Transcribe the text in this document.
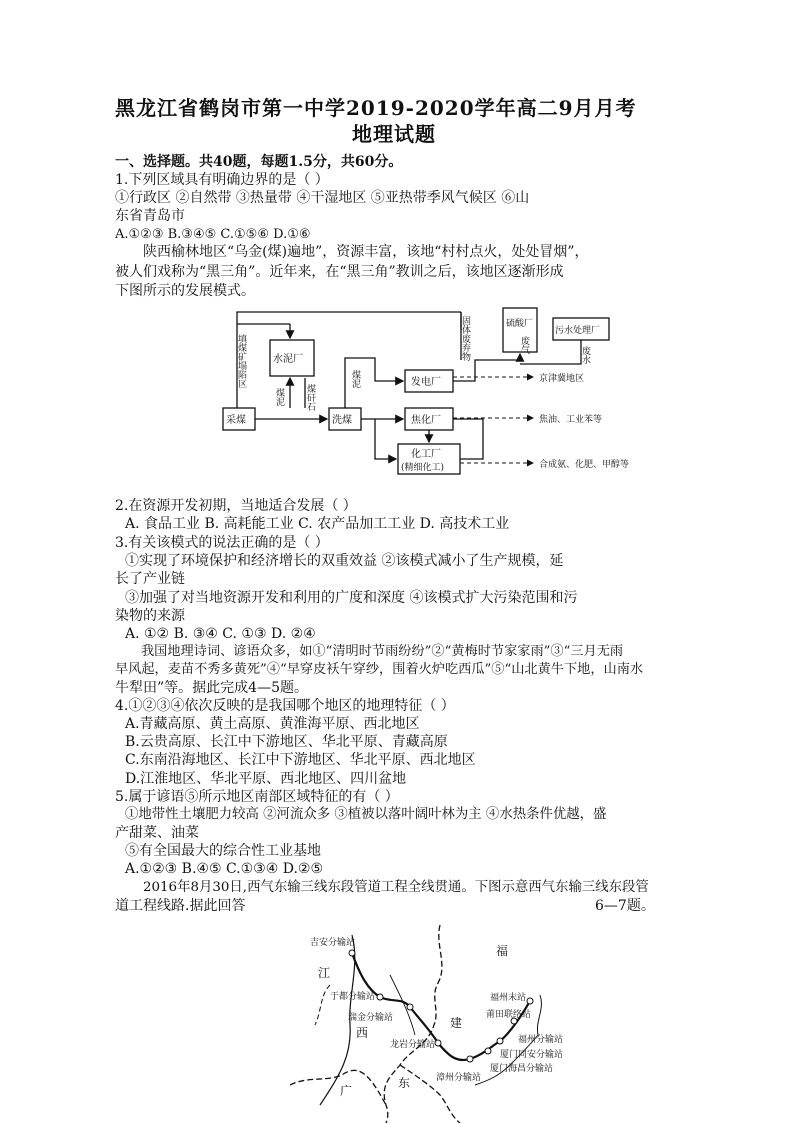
黑龙江省鹤岗市第一中学2019-2020学年高二9月月考
地理试题
一、选择题。共40题，每题1.5分，共60分。
1.下列区域具有明确边界的是（ ）
①行政区 ②自然带 ③热量带 ④干湿地区 ⑤亚热带季风气候区 ⑥山
东省青岛市
A.①②③ B.③④⑤ C.①⑤⑥ D.①⑥
陕西榆林地区“乌金(煤)遍地”，资源丰富，该地“村村点火，处处冒烟”，
被人们戏称为“黑三角”。近年来，在“黑三角”教训之后，该地区逐渐形成
下图所示的发展模式。
采煤	洗煤
水泥厂
发电厂
焦化厂
化工厂
(精细化工)
硫酸厂
污水处理厂
京津冀地区
焦油、工业苯等
合成氨、化肥、甲醇等
填煤矿塌陷区
煤泥 煤矸石
煤泥
固体废弃物	废气
废水
2.在资源开发初期，当地适合发展（ ）
A. 食品工业 B. 高耗能工业 C. 农产品加工工业 D. 高技术工业
3.有关该模式的说法正确的是（ ）
①实现了环境保护和经济增长的双重效益 ②该模式减小了生产规模，延
长了产业链
③加强了对当地资源开发和利用的广度和深度 ④该模式扩大污染范围和污
染物的来源
A. ①② B. ③④ C. ①③ D. ②④
我国地理诗词、谚语众多，如①“清明时节雨纷纷”②“黄梅时节家家雨”③“三月无雨
早风起，麦苗不秀多黄死”④“早穿皮袄午穿纱，围着火炉吃西瓜”⑤“山北黄牛下地，山南水
牛犁田”等。据此完成4—5题。
4.①②③④依次反映的是我国哪个地区的地理特征（ ）
A.青藏高原、黄土高原、黄淮海平原、西北地区
B.云贵高原、长江中下游地区、华北平原、青藏高原
C.东南沿海地区、长江中下游地区、华北平原、西北地区
D.江淮地区、华北平原、西北地区、四川盆地
5.属于谚语⑤所示地区南部区域特征的有（ ）
①地带性土壤肥力较高 ②河流众多 ③植被以落叶阔叶林为主 ④水热条件优越，盛
产甜菜、油菜
⑤有全国最大的综合性工业基地
A.①②③ B.④⑤ C.①③④ D.②⑤
2016年8月30日,西气东输三线东段管道工程全线贯通。下图示意西气东输三线东段管
道工程线路.据此回答	6—7题。
吉安分输站
于都分输站
瑞金分输站
龙岩分输站
漳州分输站
厦门同安分输站
厦门海昌分输站
福州末站
莆田联络站
福州分输站
江
西
福
建
广
东
